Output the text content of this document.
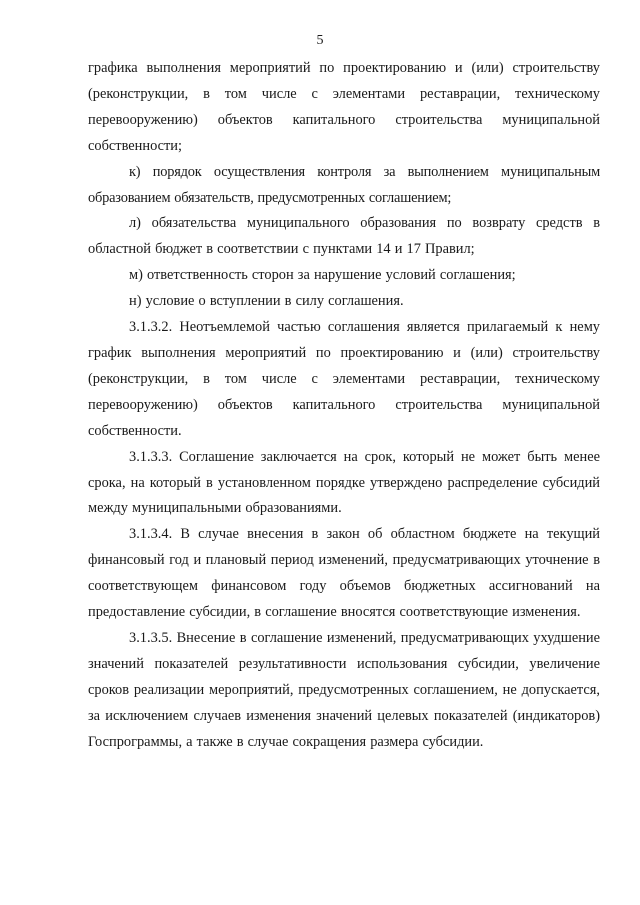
5

графика выполнения мероприятий по проектированию и (или) строительству (реконструкции, в том числе с элементами реставрации, техническому перевооружению) объектов капитального строительства муниципальной собственности;

к) порядок осуществления контроля за выполнением муниципальным образованием обязательств, предусмотренных соглашением;

л) обязательства муниципального образования по возврату средств в областной бюджет в соответствии с пунктами 14 и 17 Правил;

м) ответственность сторон за нарушение условий соглашения;

н) условие о вступлении в силу соглашения.

3.1.3.2. Неотъемлемой частью соглашения является прилагаемый к нему график выполнения мероприятий по проектированию и (или) строительству (реконструкции, в том числе с элементами реставрации, техническому перевооружению) объектов капитального строительства муниципальной собственности.

3.1.3.3. Соглашение заключается на срок, который не может быть менее срока, на который в установленном порядке утверждено распределение субсидий между муниципальными образованиями.

3.1.3.4. В случае внесения в закон об областном бюджете на текущий финансовый год и плановый период изменений, предусматривающих уточнение в соответствующем финансовом году объемов бюджетных ассигнований на предоставление субсидии, в соглашение вносятся соответствующие изменения.

3.1.3.5. Внесение в соглашение изменений, предусматривающих ухудшение значений показателей результативности использования субсидии, увеличение сроков реализации мероприятий, предусмотренных соглашением, не допускается, за исключением случаев изменения значений целевых показателей (индикаторов) Госпрограммы, а также в случае сокращения размера субсидии.
